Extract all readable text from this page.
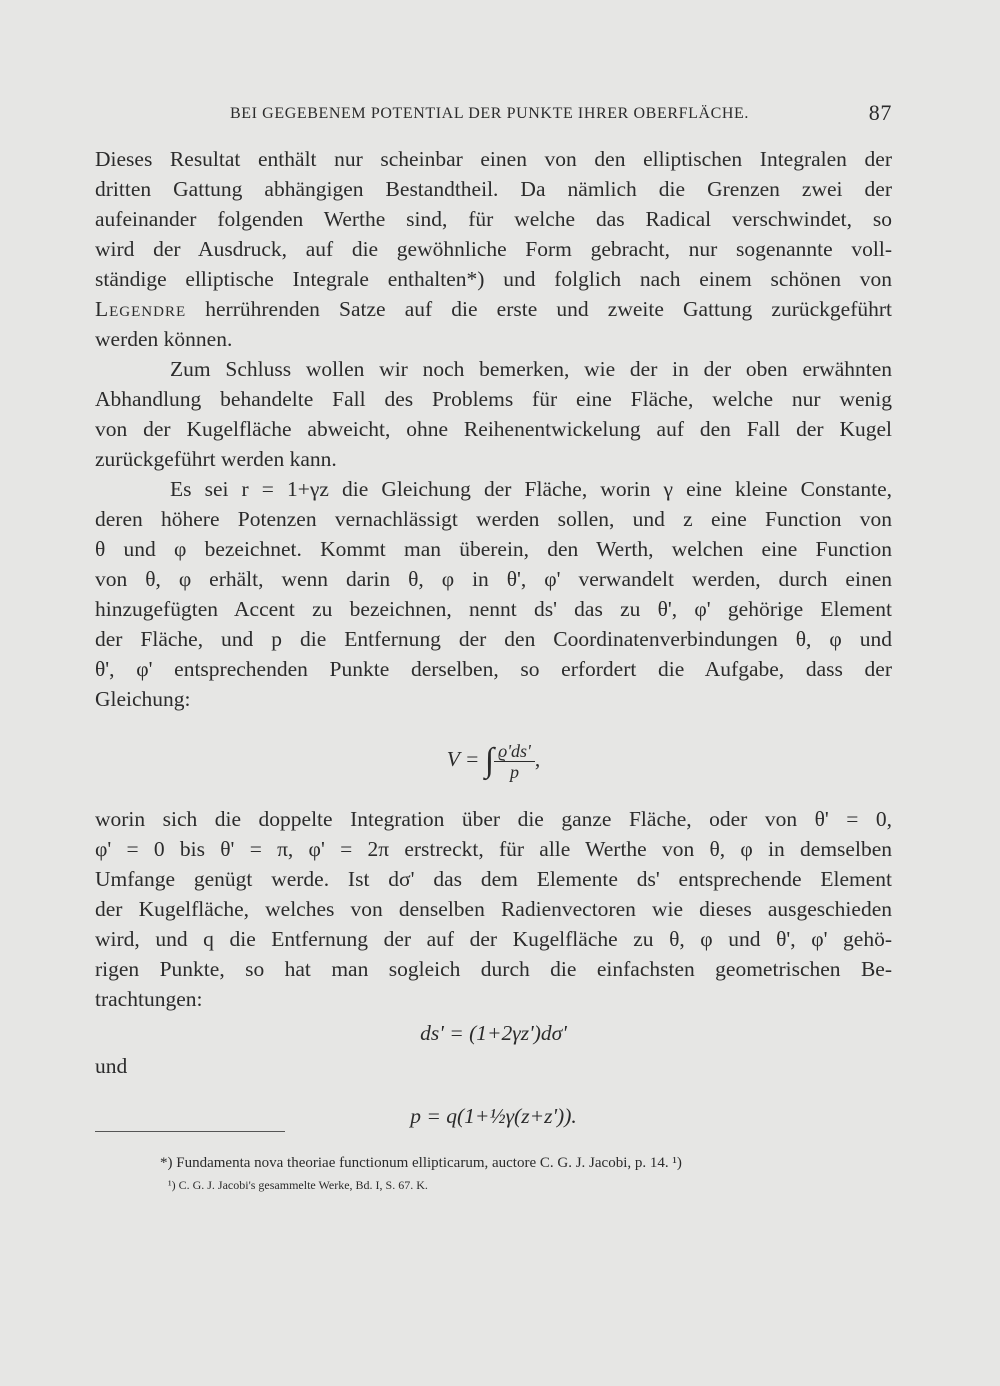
BEI GEGEBENEM POTENTIAL DER PUNKTE IHRER OBERFLÄCHE.	87
Dieses Resultat enthält nur scheinbar einen von den elliptischen Integralen der
dritten Gattung abhängigen Bestandtheil. Da nämlich die Grenzen zwei der
aufeinander folgenden Werthe sind, für welche das Radical verschwindet, so
wird der Ausdruck, auf die gewöhnliche Form gebracht, nur sogenannte voll-
ständige elliptische Integrale enthalten*) und folglich nach einem schönen von
Legendre herrührenden Satze auf die erste und zweite Gattung zurückgeführt
werden können.
Zum Schluss wollen wir noch bemerken, wie der in der oben erwähnten
Abhandlung behandelte Fall des Problems für eine Fläche, welche nur wenig
von der Kugelfläche abweicht, ohne Reihenentwickelung auf den Fall der Kugel
zurückgeführt werden kann.
Es sei r = 1+γz die Gleichung der Fläche, worin γ eine kleine Constante,
deren höhere Potenzen vernachlässigt werden sollen, und z eine Function von
θ und φ bezeichnet. Kommt man überein, den Werth, welchen eine Function
von θ, φ erhält, wenn darin θ, φ in θ', φ' verwandelt werden, durch einen
hinzugefügten Accent zu bezeichnen, nennt ds' das zu θ', φ' gehörige Element
der Fläche, und p die Entfernung der den Coordinatenverbindungen θ, φ und
θ', φ' entsprechenden Punkte derselben, so erfordert die Aufgabe, dass der
Gleichung:
V = ∫ $\frac{ϱ'ds'}{p}$ ,
worin sich die doppelte Integration über die ganze Fläche, oder von θ' = 0,
φ' = 0 bis θ' = π, φ' = 2π erstreckt, für alle Werthe von θ, φ in demselben
Umfange genügt werde. Ist dσ' das dem Elemente ds' entsprechende Element
der Kugelfläche, welches von denselben Radienvectoren wie dieses ausgeschieden
wird, und q die Entfernung der auf der Kugelfläche zu θ, φ und θ', φ' gehö-
rigen Punkte, so hat man sogleich durch die einfachsten geometrischen Be-
trachtungen:
ds' = (1+2γz')dσ'
und
p = q(1+½γ(z+z')).
*) Fundamenta nova theoriae functionum ellipticarum, auctore C. G. J. Jacobi, p. 14. ¹)
¹) C. G. J. Jacobi's gesammelte Werke, Bd. I, S. 67. K.
